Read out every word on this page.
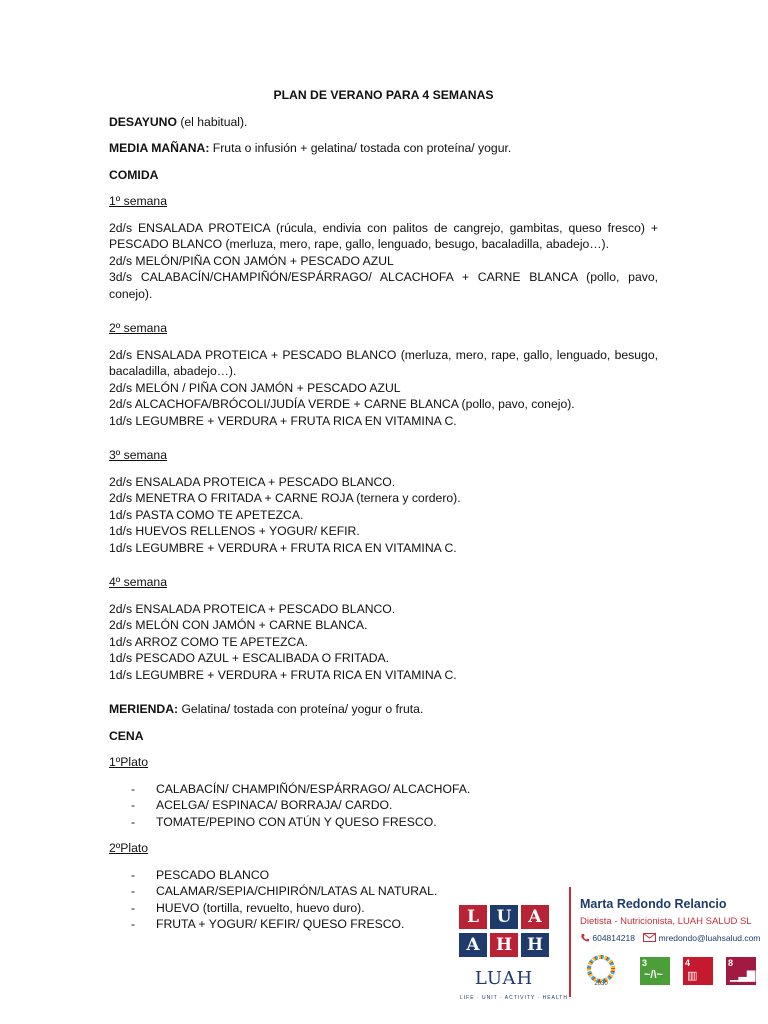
PLAN DE VERANO PARA 4 SEMANAS

DESAYUNO (el habitual).

MEDIA MAÑANA: Fruta o infusión + gelatina/ tostada con proteína/ yogur.

COMIDA

1º semana

2d/s ENSALADA PROTEICA (rúcula, endivia con palitos de cangrejo, gambitas, queso fresco) + PESCADO BLANCO (merluza, mero, rape, gallo, lenguado, besugo, bacaladilla, abadejo…).

2d/s MELÓN/PIÑA CON JAMÓN + PESCADO AZUL

3d/s CALABACÍN/CHAMPIÑÓN/ESPÁRRAGO/ ALCACHOFA + CARNE BLANCA (pollo, pavo, conejo).

2º semana

2d/s ENSALADA PROTEICA + PESCADO BLANCO (merluza, mero, rape, gallo, lenguado, besugo, bacaladilla, abadejo…).

2d/s MELÓN / PIÑA CON JAMÓN + PESCADO AZUL

2d/s ALCACHOFA/BRÓCOLI/JUDÍA VERDE + CARNE BLANCA (pollo, pavo, conejo).

1d/s LEGUMBRE + VERDURA + FRUTA RICA EN VITAMINA C.

3º semana

2d/s ENSALADA PROTEICA + PESCADO BLANCO.

2d/s MENETRA O FRITADA + CARNE ROJA (ternera y cordero).

1d/s PASTA COMO TE APETEZCA.

1d/s HUEVOS RELLENOS + YOGUR/ KEFIR.

1d/s LEGUMBRE + VERDURA + FRUTA RICA EN VITAMINA C.

4º semana

2d/s ENSALADA PROTEICA + PESCADO BLANCO.

2d/s MELÓN CON JAMÓN + CARNE BLANCA.

1d/s ARROZ COMO TE APETEZCA.

1d/s PESCADO AZUL + ESCALIBADA O FRITADA.

1d/s LEGUMBRE + VERDURA + FRUTA RICA EN VITAMINA C.

MERIENDA: Gelatina/ tostada con proteína/ yogur o fruta.

CENA

1ºPlato

- CALABACÍN/ CHAMPIÑÓN/ESPÁRRAGO/ ALCACHOFA.
- ACELGA/ ESPINACA/ BORRAJA/ CARDO.
- TOMATE/PEPINO CON ATÚN Y QUESO FRESCO.

2ºPlato

- PESCADO BLANCO
- CALAMAR/SEPIA/CHIPIRÓN/LATAS AL NATURAL.
- HUEVO (tortilla, revuelto, huevo duro).
- FRUTA + YOGUR/ KEFIR/ QUESO FRESCO.	L	U A
A H H
LUAH
LIFE · UNIT · ACTIVITY · HEALTH
Marta Redondo Relancio
Dietista - Nutricionista, LUAH SALUD SL
604814218	mredondo@luahsalud.com
2030
3
~/\~
4
▥
8
▁▃▇
